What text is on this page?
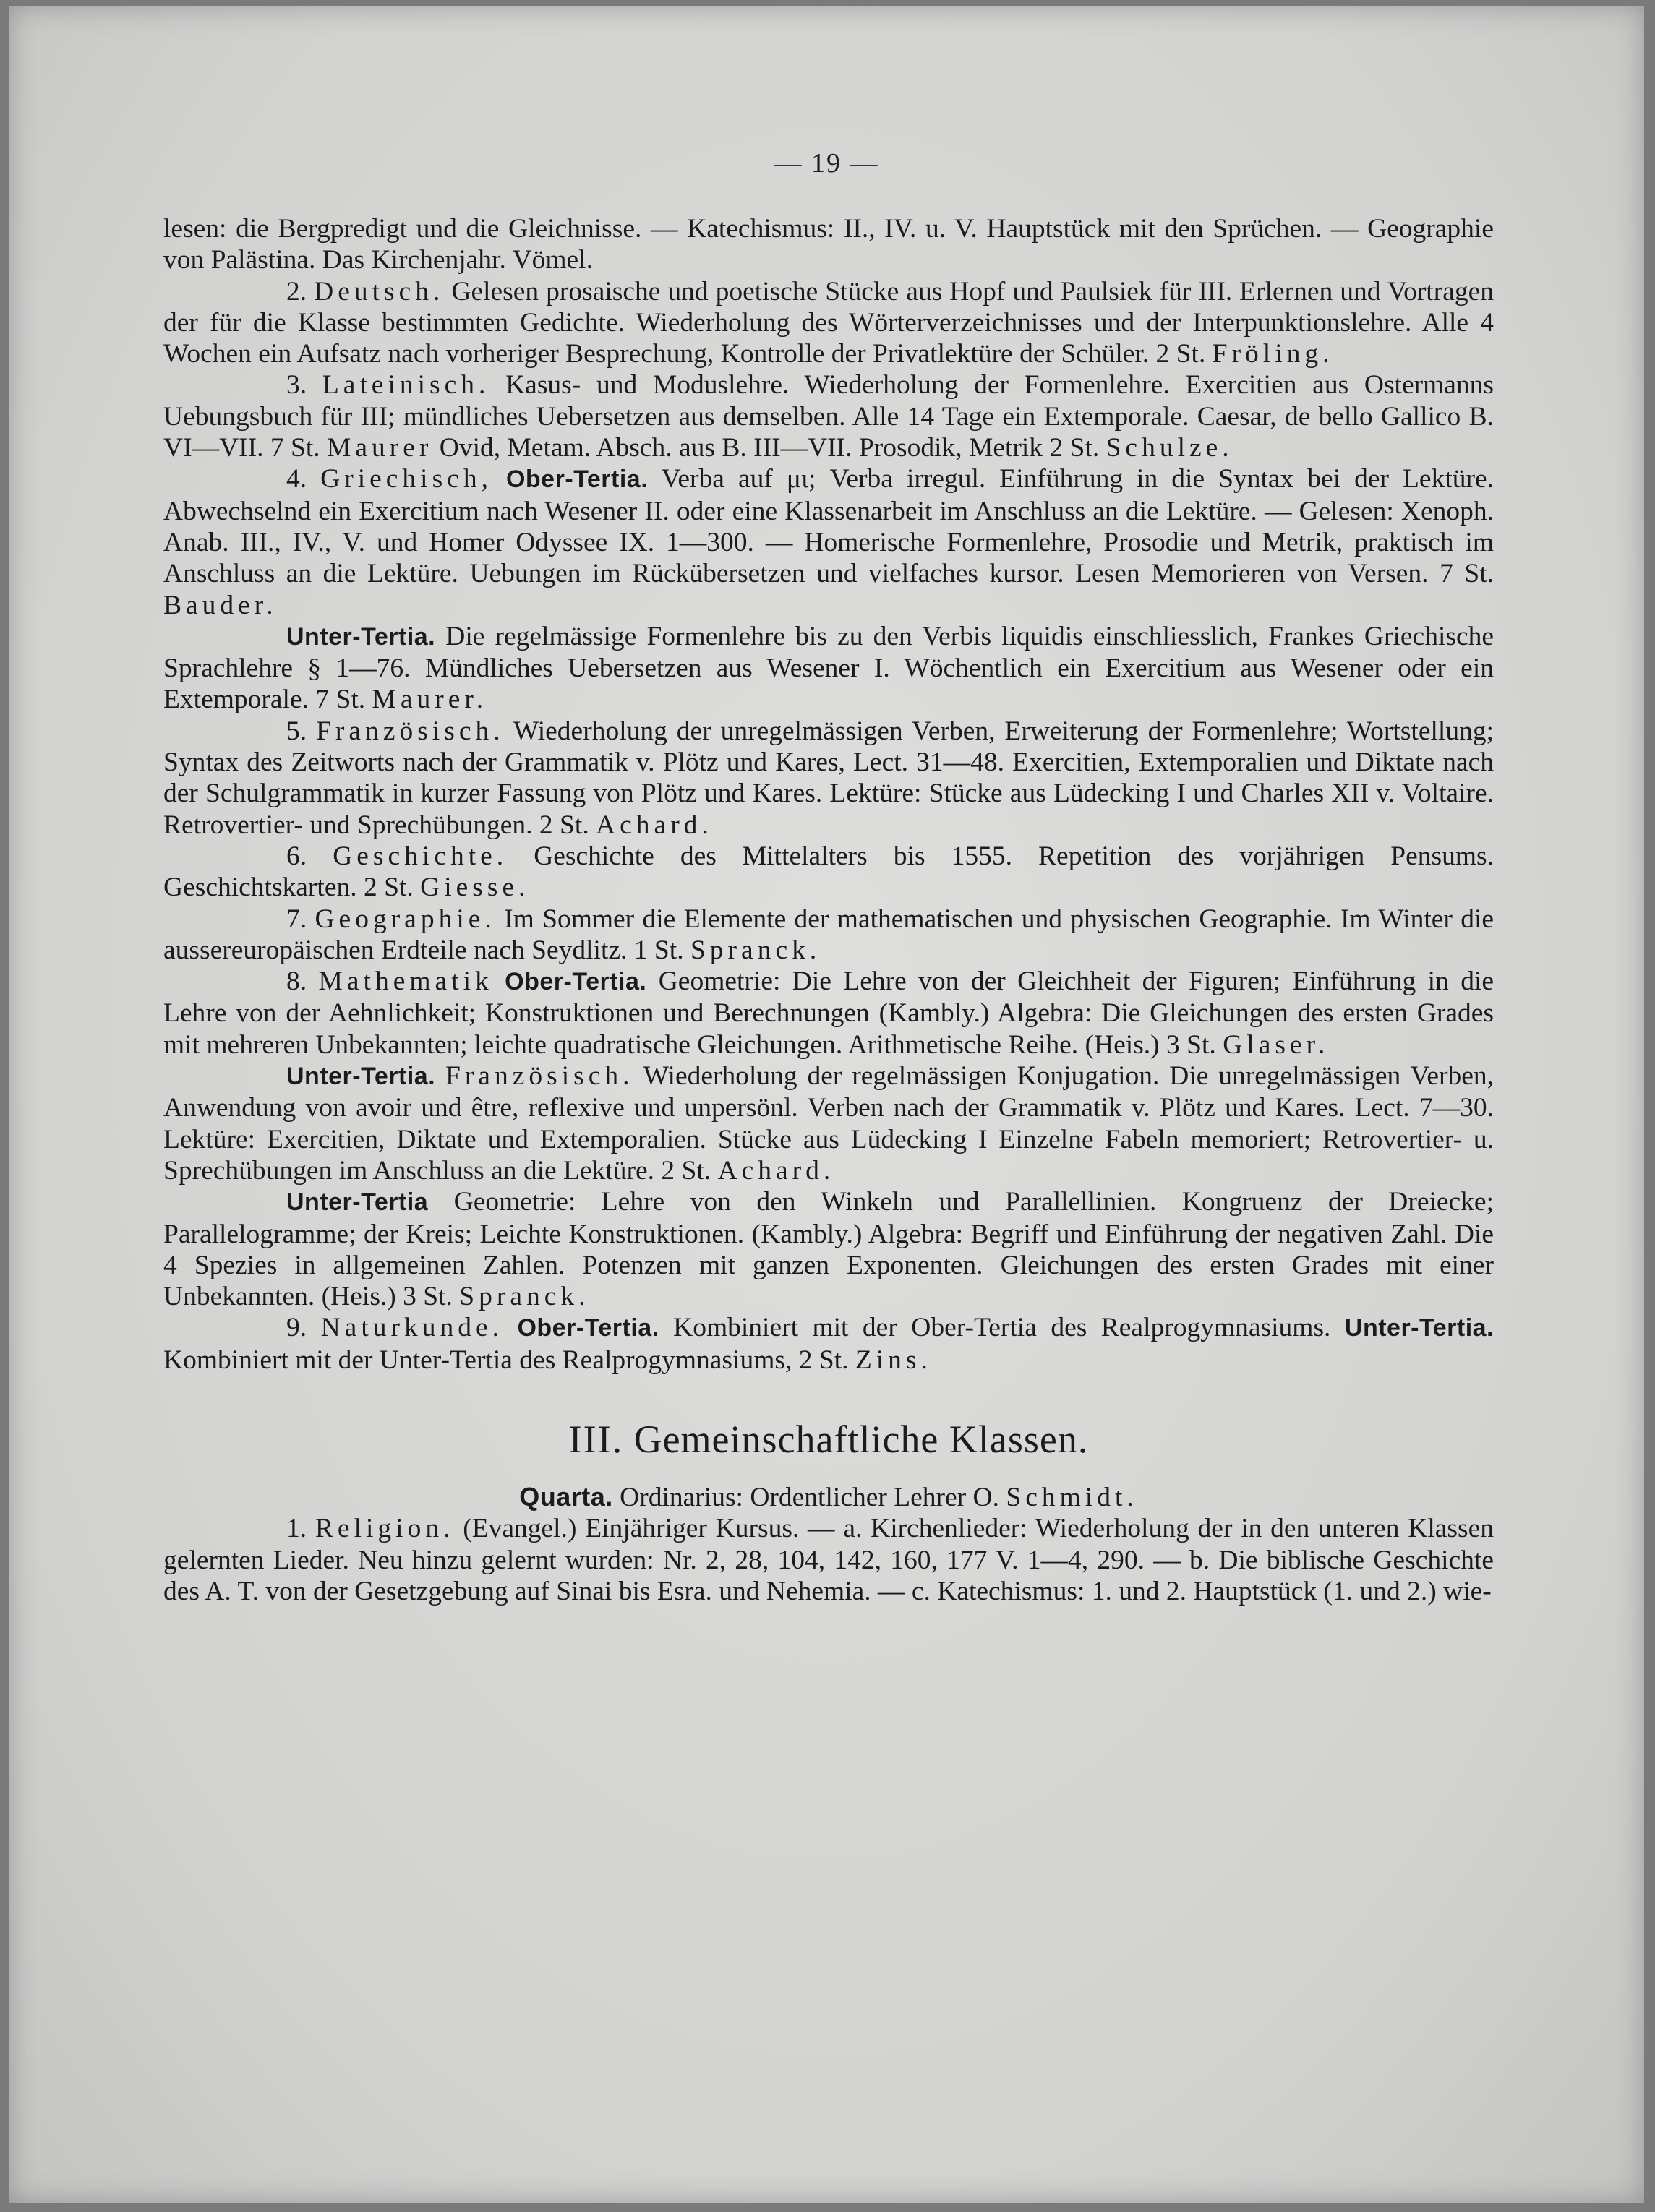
— 19 —

lesen: die Bergpredigt und die Gleichnisse. — Katechismus: II., IV. u. V. Hauptstück mit den Sprüchen. — Geographie von Palästina. Das Kirchenjahr. Vömel.

2. Deutsch. Gelesen prosaische und poetische Stücke aus Hopf und Paulsiek für III. Erlernen und Vortragen der für die Klasse bestimmten Gedichte. Wiederholung des Wörterverzeichnisses und der Interpunktionslehre. Alle 4 Wochen ein Aufsatz nach vorheriger Besprechung, Kontrolle der Privatlektüre der Schüler. 2 St. Fröling.

3. Lateinisch. Kasus- und Moduslehre. Wiederholung der Formenlehre. Exercitien aus Ostermanns Uebungsbuch für III; mündliches Uebersetzen aus demselben. Alle 14 Tage ein Extemporale. Caesar, de bello Gallico B. VI—VII. 7 St. Maurer Ovid, Metam. Absch. aus B. III—VII. Prosodik, Metrik 2 St. Schulze.

4. Griechisch, Ober-Tertia. Verba auf μι; Verba irregul. Einführung in die Syntax bei der Lektüre. Abwechselnd ein Exercitium nach Wesener II. oder eine Klassenarbeit im Anschluss an die Lektüre. — Gelesen: Xenoph. Anab. III., IV., V. und Homer Odyssee IX. 1—300. — Homerische Formenlehre, Prosodie und Metrik, praktisch im Anschluss an die Lektüre. Uebungen im Rückübersetzen und vielfaches kursor. Lesen Memorieren von Versen. 7 St. Bauder.

Unter-Tertia. Die regelmässige Formenlehre bis zu den Verbis liquidis einschliesslich, Frankes Griechische Sprachlehre § 1—76. Mündliches Uebersetzen aus Wesener I. Wöchentlich ein Exercitium aus Wesener oder ein Extemporale. 7 St. Maurer.

5. Französisch. Wiederholung der unregelmässigen Verben, Erweiterung der Formenlehre; Wortstellung; Syntax des Zeitworts nach der Grammatik v. Plötz und Kares, Lect. 31—48. Exercitien, Extemporalien und Diktate nach der Schulgrammatik in kurzer Fassung von Plötz und Kares. Lektüre: Stücke aus Lüdecking I und Charles XII v. Voltaire. Retrovertier- und Sprechübungen. 2 St. Achard.

6. Geschichte. Geschichte des Mittelalters bis 1555. Repetition des vorjährigen Pensums. Geschichtskarten. 2 St. Giesse.

7. Geographie. Im Sommer die Elemente der mathematischen und physischen Geographie. Im Winter die aussereuropäischen Erdteile nach Seydlitz. 1 St. Spranck.

8. Mathematik Ober-Tertia. Geometrie: Die Lehre von der Gleichheit der Figuren; Einführung in die Lehre von der Aehnlichkeit; Konstruktionen und Berechnungen (Kambly.) Algebra: Die Gleichungen des ersten Grades mit mehreren Unbekannten; leichte quadratische Gleichungen. Arithmetische Reihe. (Heis.) 3 St. Glaser.

Unter-Tertia. Französisch. Wiederholung der regelmässigen Konjugation. Die unregelmässigen Verben, Anwendung von avoir und être, reflexive und unpersönl. Verben nach der Grammatik v. Plötz und Kares. Lect. 7—30. Lektüre: Exercitien, Diktate und Extemporalien. Stücke aus Lüdecking I Einzelne Fabeln memoriert; Retrovertier- u. Sprechübungen im Anschluss an die Lektüre. 2 St. Achard.

Unter-Tertia Geometrie: Lehre von den Winkeln und Parallellinien. Kongruenz der Dreiecke; Parallelogramme; der Kreis; Leichte Konstruktionen. (Kambly.) Algebra: Begriff und Einführung der negativen Zahl. Die 4 Spezies in allgemeinen Zahlen. Potenzen mit ganzen Exponenten. Gleichungen des ersten Grades mit einer Unbekannten. (Heis.) 3 St. Spranck.

9. Naturkunde. Ober-Tertia. Kombiniert mit der Ober-Tertia des Realprogymnasiums. Unter-Tertia. Kombiniert mit der Unter-Tertia des Realprogymnasiums, 2 St. Zins.

III. Gemeinschaftliche Klassen.

Quarta. Ordinarius: Ordentlicher Lehrer O. Schmidt.

1. Religion. (Evangel.) Einjähriger Kursus. — a. Kirchenlieder: Wiederholung der in den unteren Klassen gelernten Lieder. Neu hinzu gelernt wurden: Nr. 2, 28, 104, 142, 160, 177 V. 1—4, 290. — b. Die biblische Geschichte des A. T. von der Gesetzgebung auf Sinai bis Esra. und Nehemia. — c. Katechismus: 1. und 2. Hauptstück (1. und 2.) wie-
